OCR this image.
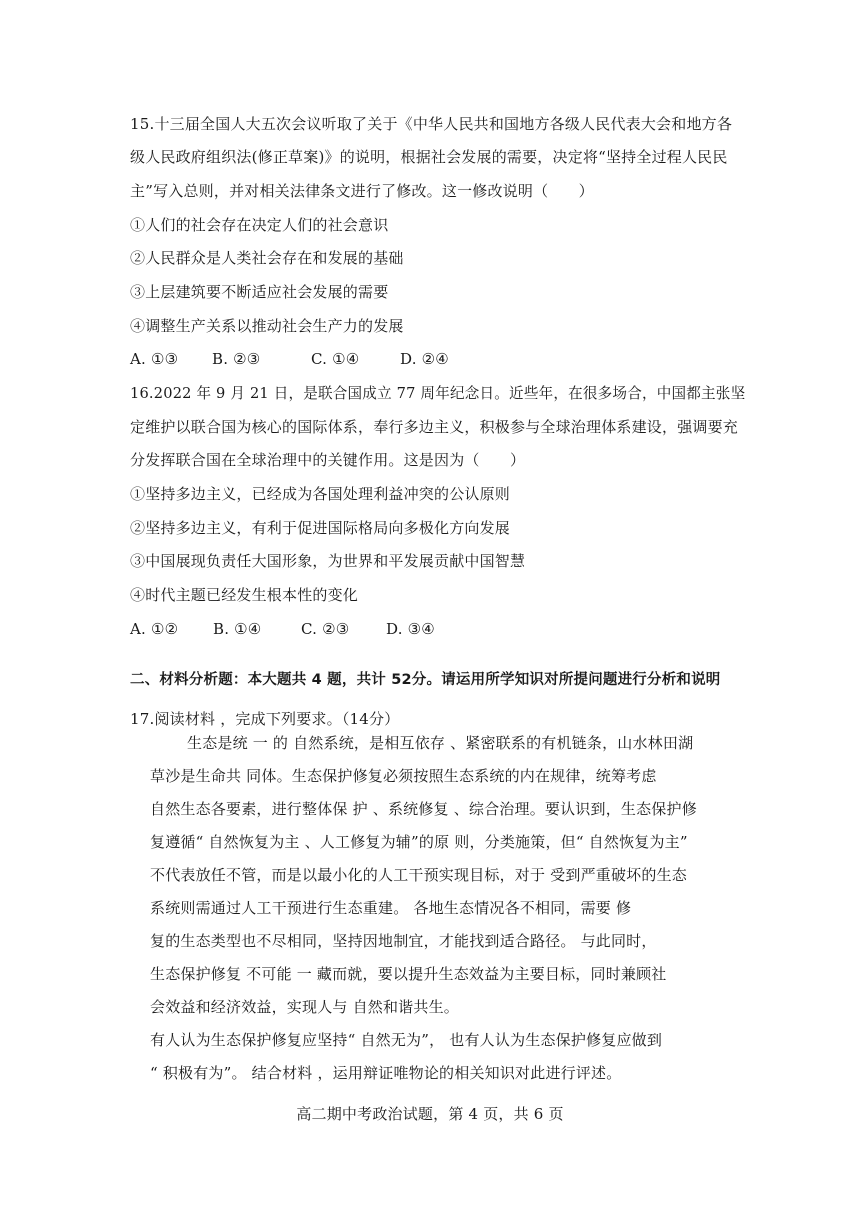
15.十三届全国人大五次会议听取了关于《中华人民共和国地方各级人民代表大会和地方各
级人民政府组织法(修正草案)》的说明，根据社会发展的需要，决定将“坚持全过程人民民
主”写入总则，并对相关法律条文进行了修改。这一修改说明（　　）
①人们的社会存在决定人们的社会意识
②人民群众是人类社会存在和发展的基础
③上层建筑要不断适应社会发展的需要
④调整生产关系以推动社会生产力的发展
A. ①③ B. ②③	C. ①④	D. ②④
16.2022 年 9 月 21 日，是联合国成立 77 周年纪念日。近些年，在很多场合，中国都主张坚
定维护以联合国为核心的国际体系，奉行多边主义，积极参与全球治理体系建设，强调要充
分发挥联合国在全球治理中的关键作用。这是因为（　　）
①坚持多边主义，已经成为各国处理利益冲突的公认原则
②坚持多边主义，有利于促进国际格局向多极化方向发展
③中国展现负责任大国形象，为世界和平发展贡献中国智慧
④时代主题已经发生根本性的变化
A. ①② B. ①④	C. ②③ D. ③④
二、材料分析题：本大题共 4 题，共计 52分。请运用所学知识对所提问题进行分析和说明
17.阅读材料 ，完成下列要求。（14分）
生态是统 一 的 自然系统，是相互依存 、紧密联系的有机链条，山水林田湖
草沙是生命共 同体。生态保护修复必须按照生态系统的内在规律，统筹考虑
自然生态各要素，进行整体保 护 、系统修复 、综合治理。要认识到，生态保护修
复遵循“ 自然恢复为主 、人工修复为辅”的原 则，分类施策，但“ 自然恢复为主”
不代表放任不管，而是以最小化的人工干预实现目标，对于 受到严重破坏的生态
系统则需通过人工干预进行生态重建。 各地生态情况各不相同，需要 修
复的生态类型也不尽相同，坚持因地制宜，才能找到适合路径。 与此同时，
生态保护修复 不可能 一 藏而就，要以提升生态效益为主要目标，同时兼顾社
会效益和经济效益，实现人与 自然和谐共生。
有人认为生态保护修复应坚持“ 自然无为”， 也有人认为生态保护修复应做到
“ 积极有为”。 结合材料 ，运用辩证唯物论的相关知识对此进行评述。
高二期中考政治试题，第 4 页，共 6 页
